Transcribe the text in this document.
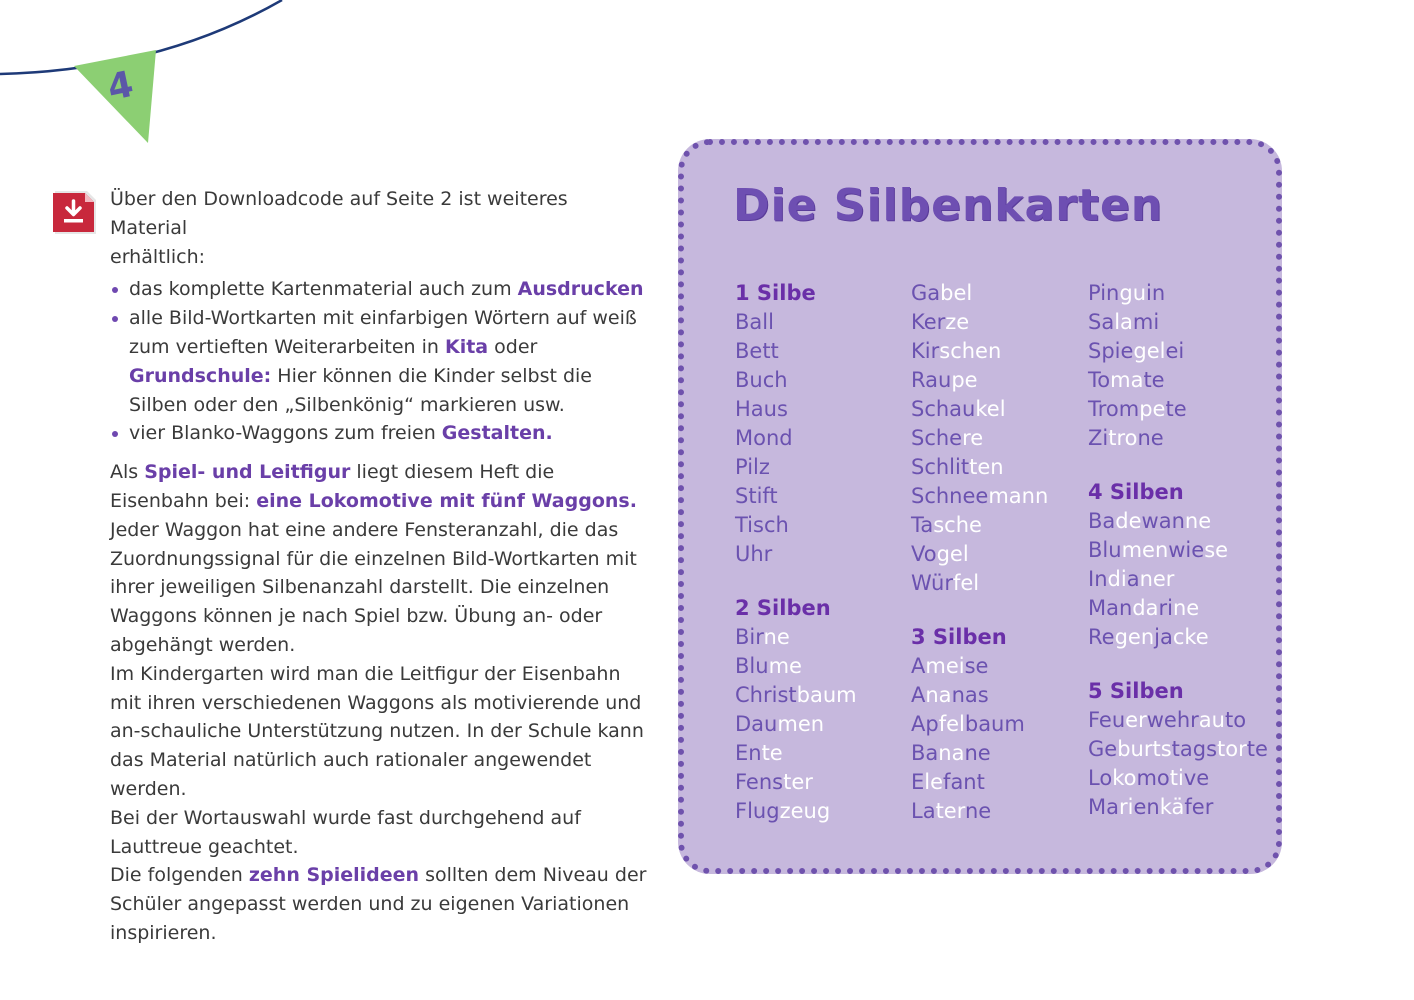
4

Über den Downloadcode auf Seite 2 ist weiteres Material
erhältlich:

das komplette Kartenmaterial auch zum Ausdrucken
alle Bild-Wortkarten mit einfarbigen Wörtern auf weiß zum vertieften Weiterarbeiten in Kita oder Grundschule: Hier können die Kinder selbst die Silben oder den „Silbenkönig“ markieren usw.
vier Blanko-Waggons zum freien Gestalten.

Als Spiel- und Leitfigur liegt diesem Heft die Eisenbahn bei: eine Lokomotive mit fünf Waggons. Jeder Waggon hat eine andere Fensteranzahl, die das Zuordnungssignal für die einzelnen Bild-Wortkarten mit ihrer jeweiligen Silbenanzahl darstellt. Die einzelnen Waggons können je nach Spiel bzw. Übung an- oder abgehängt werden.

Im Kindergarten wird man die Leitfigur der Eisenbahn mit ihren verschiedenen Waggons als motivierende und an-schauliche Unterstützung nutzen. In der Schule kann das Material natürlich auch rationaler angewendet werden.

Bei der Wortauswahl wurde fast durchgehend auf Lauttreue geachtet.

Die folgenden zehn Spielideen sollten dem Niveau der Schüler angepasst werden und zu eigenen Variationen inspirieren.

Die Silbenkarten
1 Silbe
Ball
Bett
Buch
Haus
Mond
Pilz
Stift
Tisch
Uhr
2 Silben
Birne
Blume
Christbaum
Daumen
Ente
Fenster
Flugzeug
Gabel
Kerze
Kirschen
Raupe
Schaukel
Schere
Schlitten
Schneemann
Tasche
Vogel
Würfel
3 Silben
Ameise
Ananas
Apfelbaum
Banane
Elefant
Laterne
Pinguin
Salami
Spiegelei
Tomate
Trompete
Zitrone
4 Silben
Badewanne
Blumenwiese
Indianer
Mandarine
Regenjacke
5 Silben
Feuerwehrauto
Geburtstagstorte
Lokomotive
Marienkäfer
